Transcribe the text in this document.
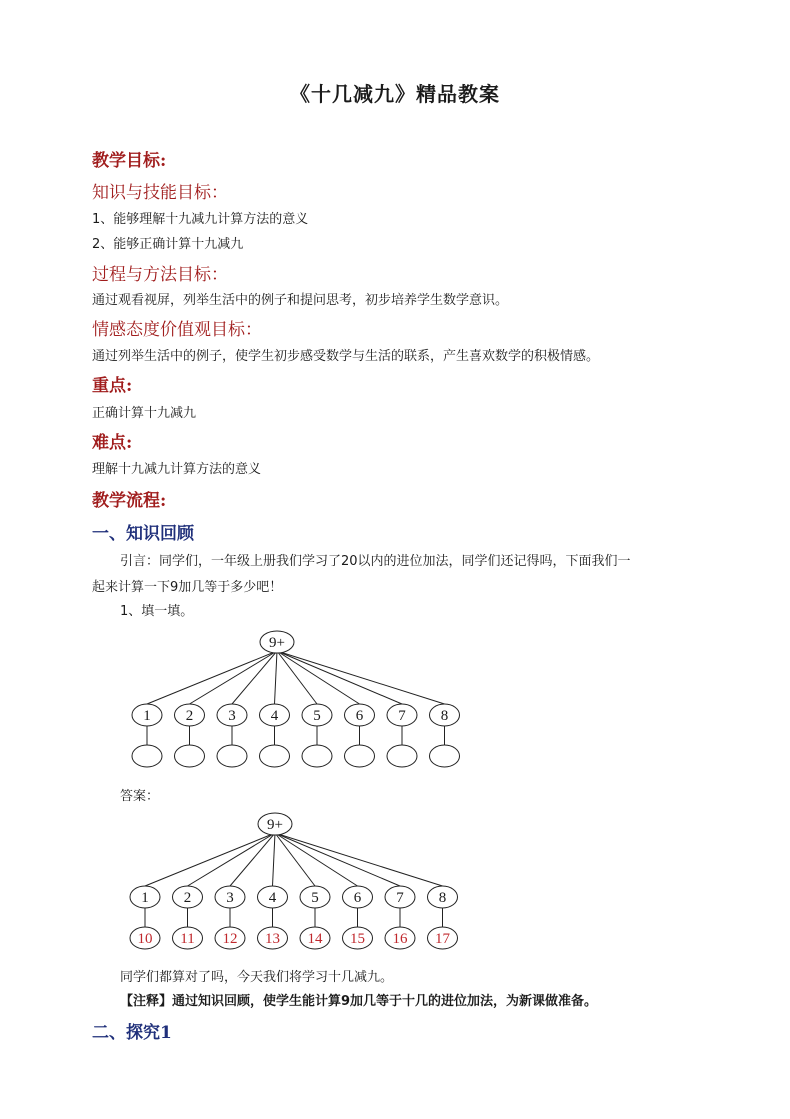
《十几减九》精品教案
教学目标:
知识与技能目标：
1、能够理解十九减九计算方法的意义
2、能够正确计算十九减九
过程与方法目标：
通过观看视屏，列举生活中的例子和提问思考，初步培养学生数学意识。
情感态度价值观目标：
通过列举生活中的例子，使学生初步感受数学与生活的联系，产生喜欢数学的积极情感。
重点:
正确计算十九减九
难点:
理解十九减九计算方法的意义
教学流程:
一、知识回顾
引言：同学们，一年级上册我们学习了20以内的进位加法，同学们还记得吗，下面我们一
起来计算一下9加几等于多少吧！
1、填一填。
9+
1 2 3 4 5 6 7 8
答案：
9+
1
10
2
11
3
12
4
13
5
14
6
15
7
16
8
17
同学们都算对了吗，今天我们将学习十几减九。
【注释】通过知识回顾，使学生能计算9加几等于十几的进位加法，为新课做准备。
二、探究1
